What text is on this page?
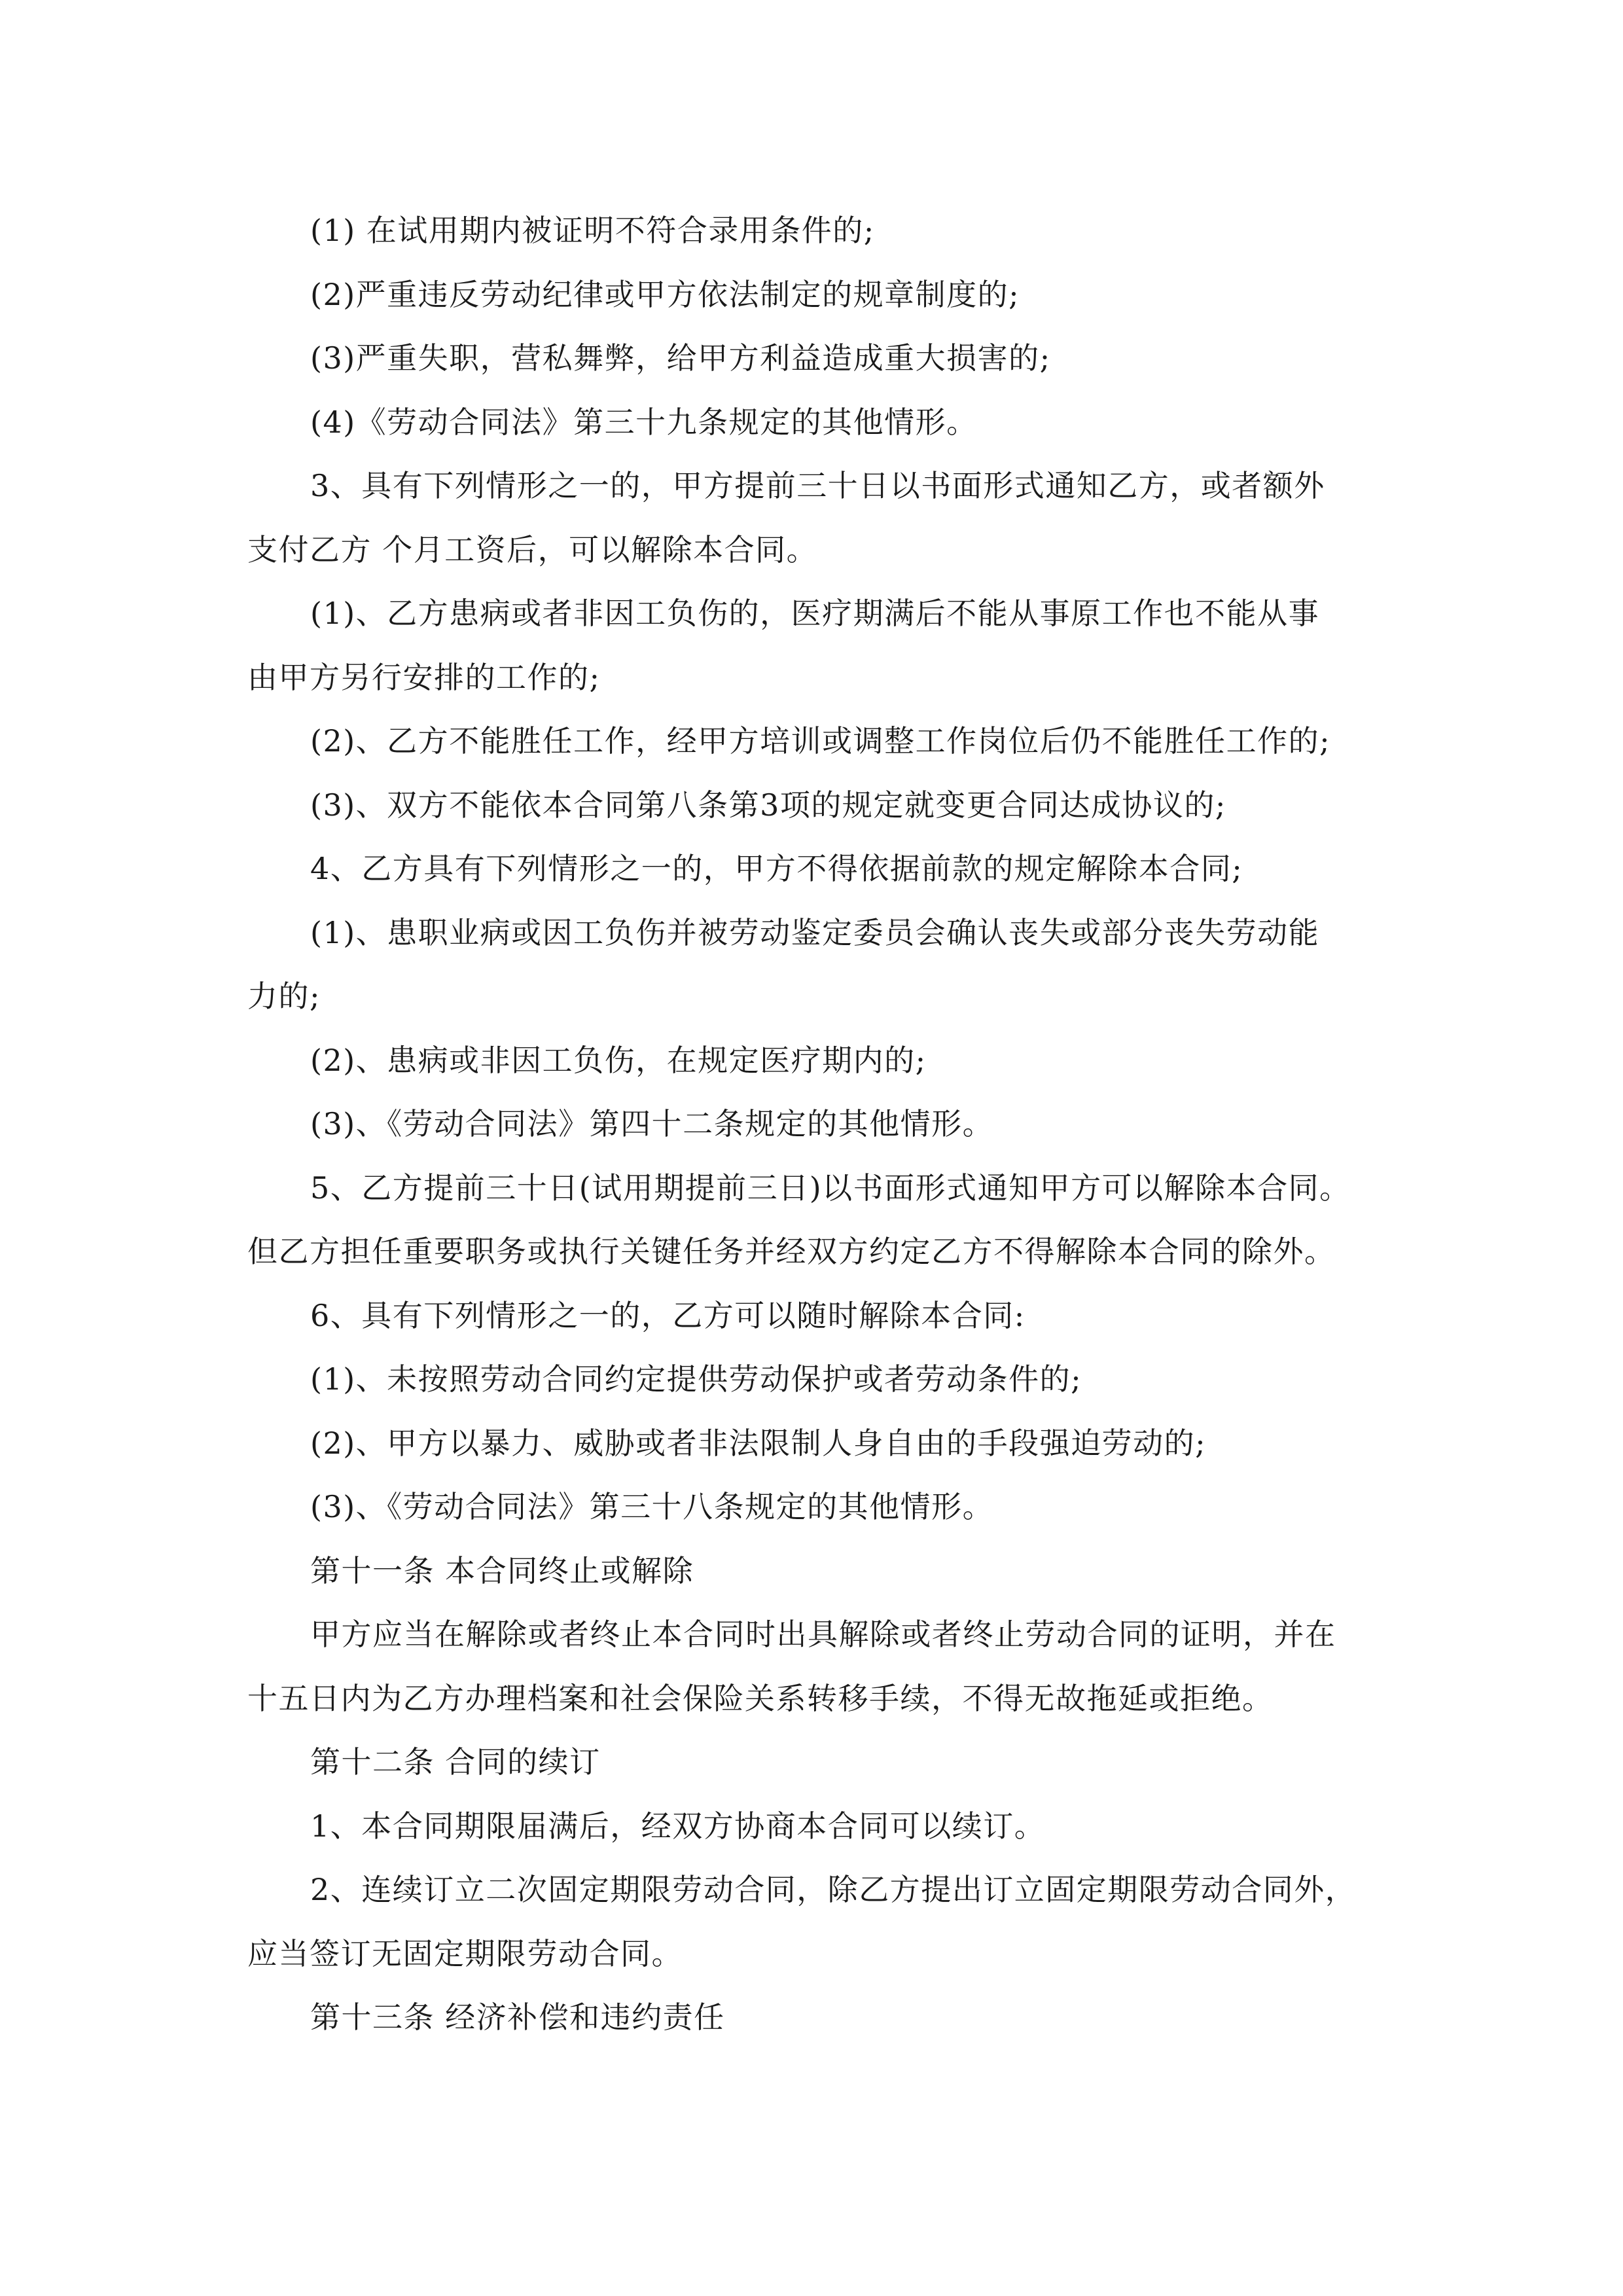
(1) 在试用期内被证明不符合录用条件的;
(2)严重违反劳动纪律或甲方依法制定的规章制度的;
(3)严重失职，营私舞弊，给甲方利益造成重大损害的;
(4)《劳动合同法》第三十九条规定的其他情形。
3、具有下列情形之一的，甲方提前三十日以书面形式通知乙方，或者额外
支付乙方 个月工资后，可以解除本合同。
(1)、乙方患病或者非因工负伤的，医疗期满后不能从事原工作也不能从事
由甲方另行安排的工作的;
(2)、乙方不能胜任工作，经甲方培训或调整工作岗位后仍不能胜任工作的;
(3)、双方不能依本合同第八条第3项的规定就变更合同达成协议的;
4、乙方具有下列情形之一的，甲方不得依据前款的规定解除本合同;
(1)、患职业病或因工负伤并被劳动鉴定委员会确认丧失或部分丧失劳动能
力的;
(2)、患病或非因工负伤，在规定医疗期内的;
(3)、《劳动合同法》第四十二条规定的其他情形。
5、乙方提前三十日(试用期提前三日)以书面形式通知甲方可以解除本合同。
但乙方担任重要职务或执行关键任务并经双方约定乙方不得解除本合同的除外。
6、具有下列情形之一的，乙方可以随时解除本合同:
(1)、未按照劳动合同约定提供劳动保护或者劳动条件的;
(2)、甲方以暴力、威胁或者非法限制人身自由的手段强迫劳动的;
(3)、《劳动合同法》第三十八条规定的其他情形。
第十一条 本合同终止或解除
甲方应当在解除或者终止本合同时出具解除或者终止劳动合同的证明，并在
十五日内为乙方办理档案和社会保险关系转移手续，不得无故拖延或拒绝。
第十二条 合同的续订
1、本合同期限届满后，经双方协商本合同可以续订。
2、连续订立二次固定期限劳动合同，除乙方提出订立固定期限劳动合同外，
应当签订无固定期限劳动合同。
第十三条 经济补偿和违约责任
